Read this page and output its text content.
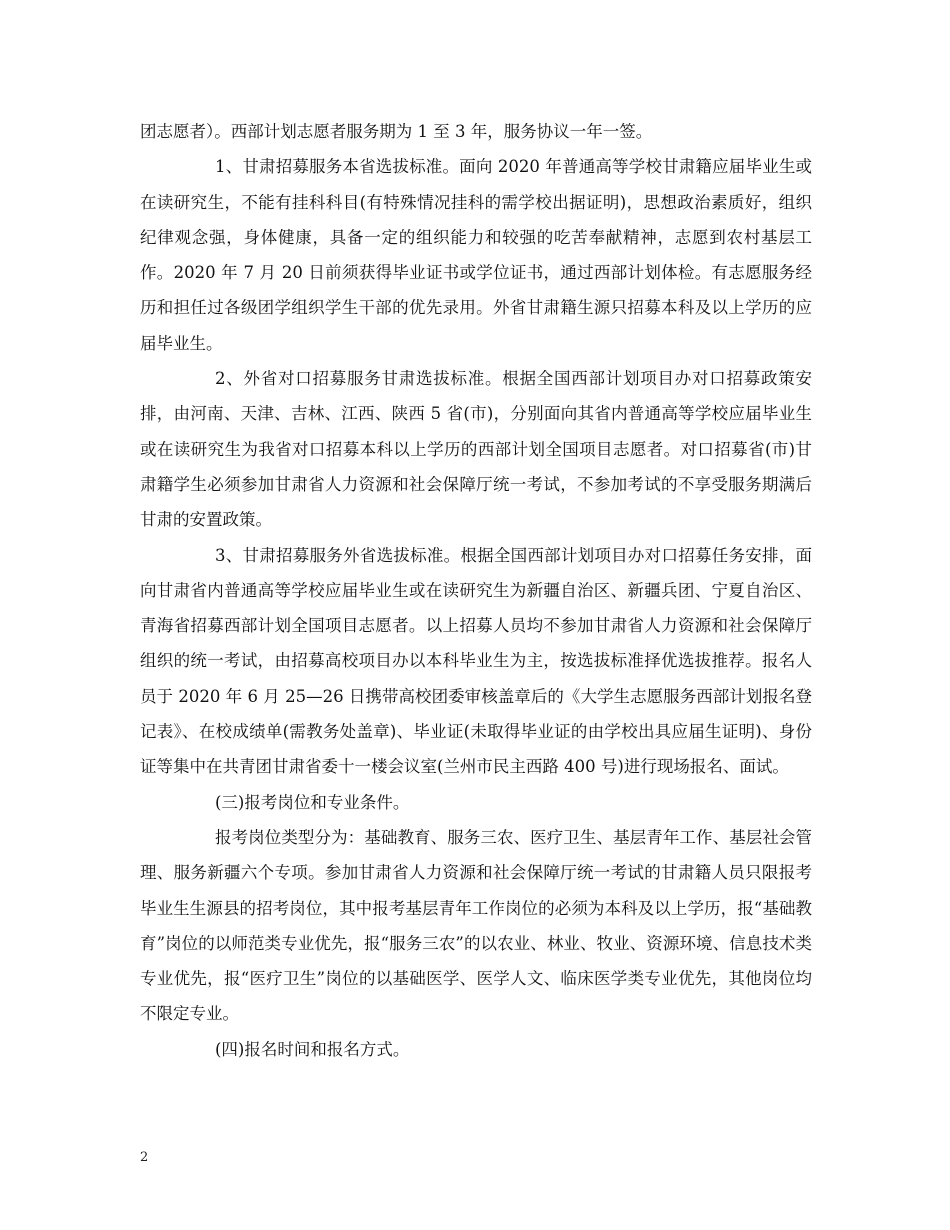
团志愿者）。西部计划志愿者服务期为 1 至 3 年，服务协议一年一签。

1、甘肃招募服务本省选拔标准。面向 2020 年普通高等学校甘肃籍应届毕业生或在读研究生，不能有挂科科目(有特殊情况挂科的需学校出据证明)，思想政治素质好，组织纪律观念强，身体健康，具备一定的组织能力和较强的吃苦奉献精神，志愿到农村基层工作。2020 年 7 月 20 日前须获得毕业证书或学位证书，通过西部计划体检。有志愿服务经历和担任过各级团学组织学生干部的优先录用。外省甘肃籍生源只招募本科及以上学历的应届毕业生。

2、外省对口招募服务甘肃选拔标准。根据全国西部计划项目办对口招募政策安排，由河南、天津、吉林、江西、陕西 5 省(市)，分别面向其省内普通高等学校应届毕业生或在读研究生为我省对口招募本科以上学历的西部计划全国项目志愿者。对口招募省(市)甘肃籍学生必须参加甘肃省人力资源和社会保障厅统一考试，不参加考试的不享受服务期满后甘肃的安置政策。

3、甘肃招募服务外省选拔标准。根据全国西部计划项目办对口招募任务安排，面向甘肃省内普通高等学校应届毕业生或在读研究生为新疆自治区、新疆兵团、宁夏自治区、青海省招募西部计划全国项目志愿者。以上招募人员均不参加甘肃省人力资源和社会保障厅组织的统一考试，由招募高校项目办以本科毕业生为主，按选拔标准择优选拔推荐。报名人员于 2020 年 6 月 25—26 日携带高校团委审核盖章后的《大学生志愿服务西部计划报名登记表》、在校成绩单(需教务处盖章)、毕业证(未取得毕业证的由学校出具应届生证明)、身份证等集中在共青团甘肃省委十一楼会议室(兰州市民主西路 400 号)进行现场报名、面试。

(三)报考岗位和专业条件。

报考岗位类型分为：基础教育、服务三农、医疗卫生、基层青年工作、基层社会管理、服务新疆六个专项。参加甘肃省人力资源和社会保障厅统一考试的甘肃籍人员只限报考毕业生生源县的招考岗位，其中报考基层青年工作岗位的必须为本科及以上学历，报“基础教育”岗位的以师范类专业优先，报“服务三农”的以农业、林业、牧业、资源环境、信息技术类专业优先，报“医疗卫生”岗位的以基础医学、医学人文、临床医学类专业优先，其他岗位均不限定专业。

(四)报名时间和报名方式。

2
